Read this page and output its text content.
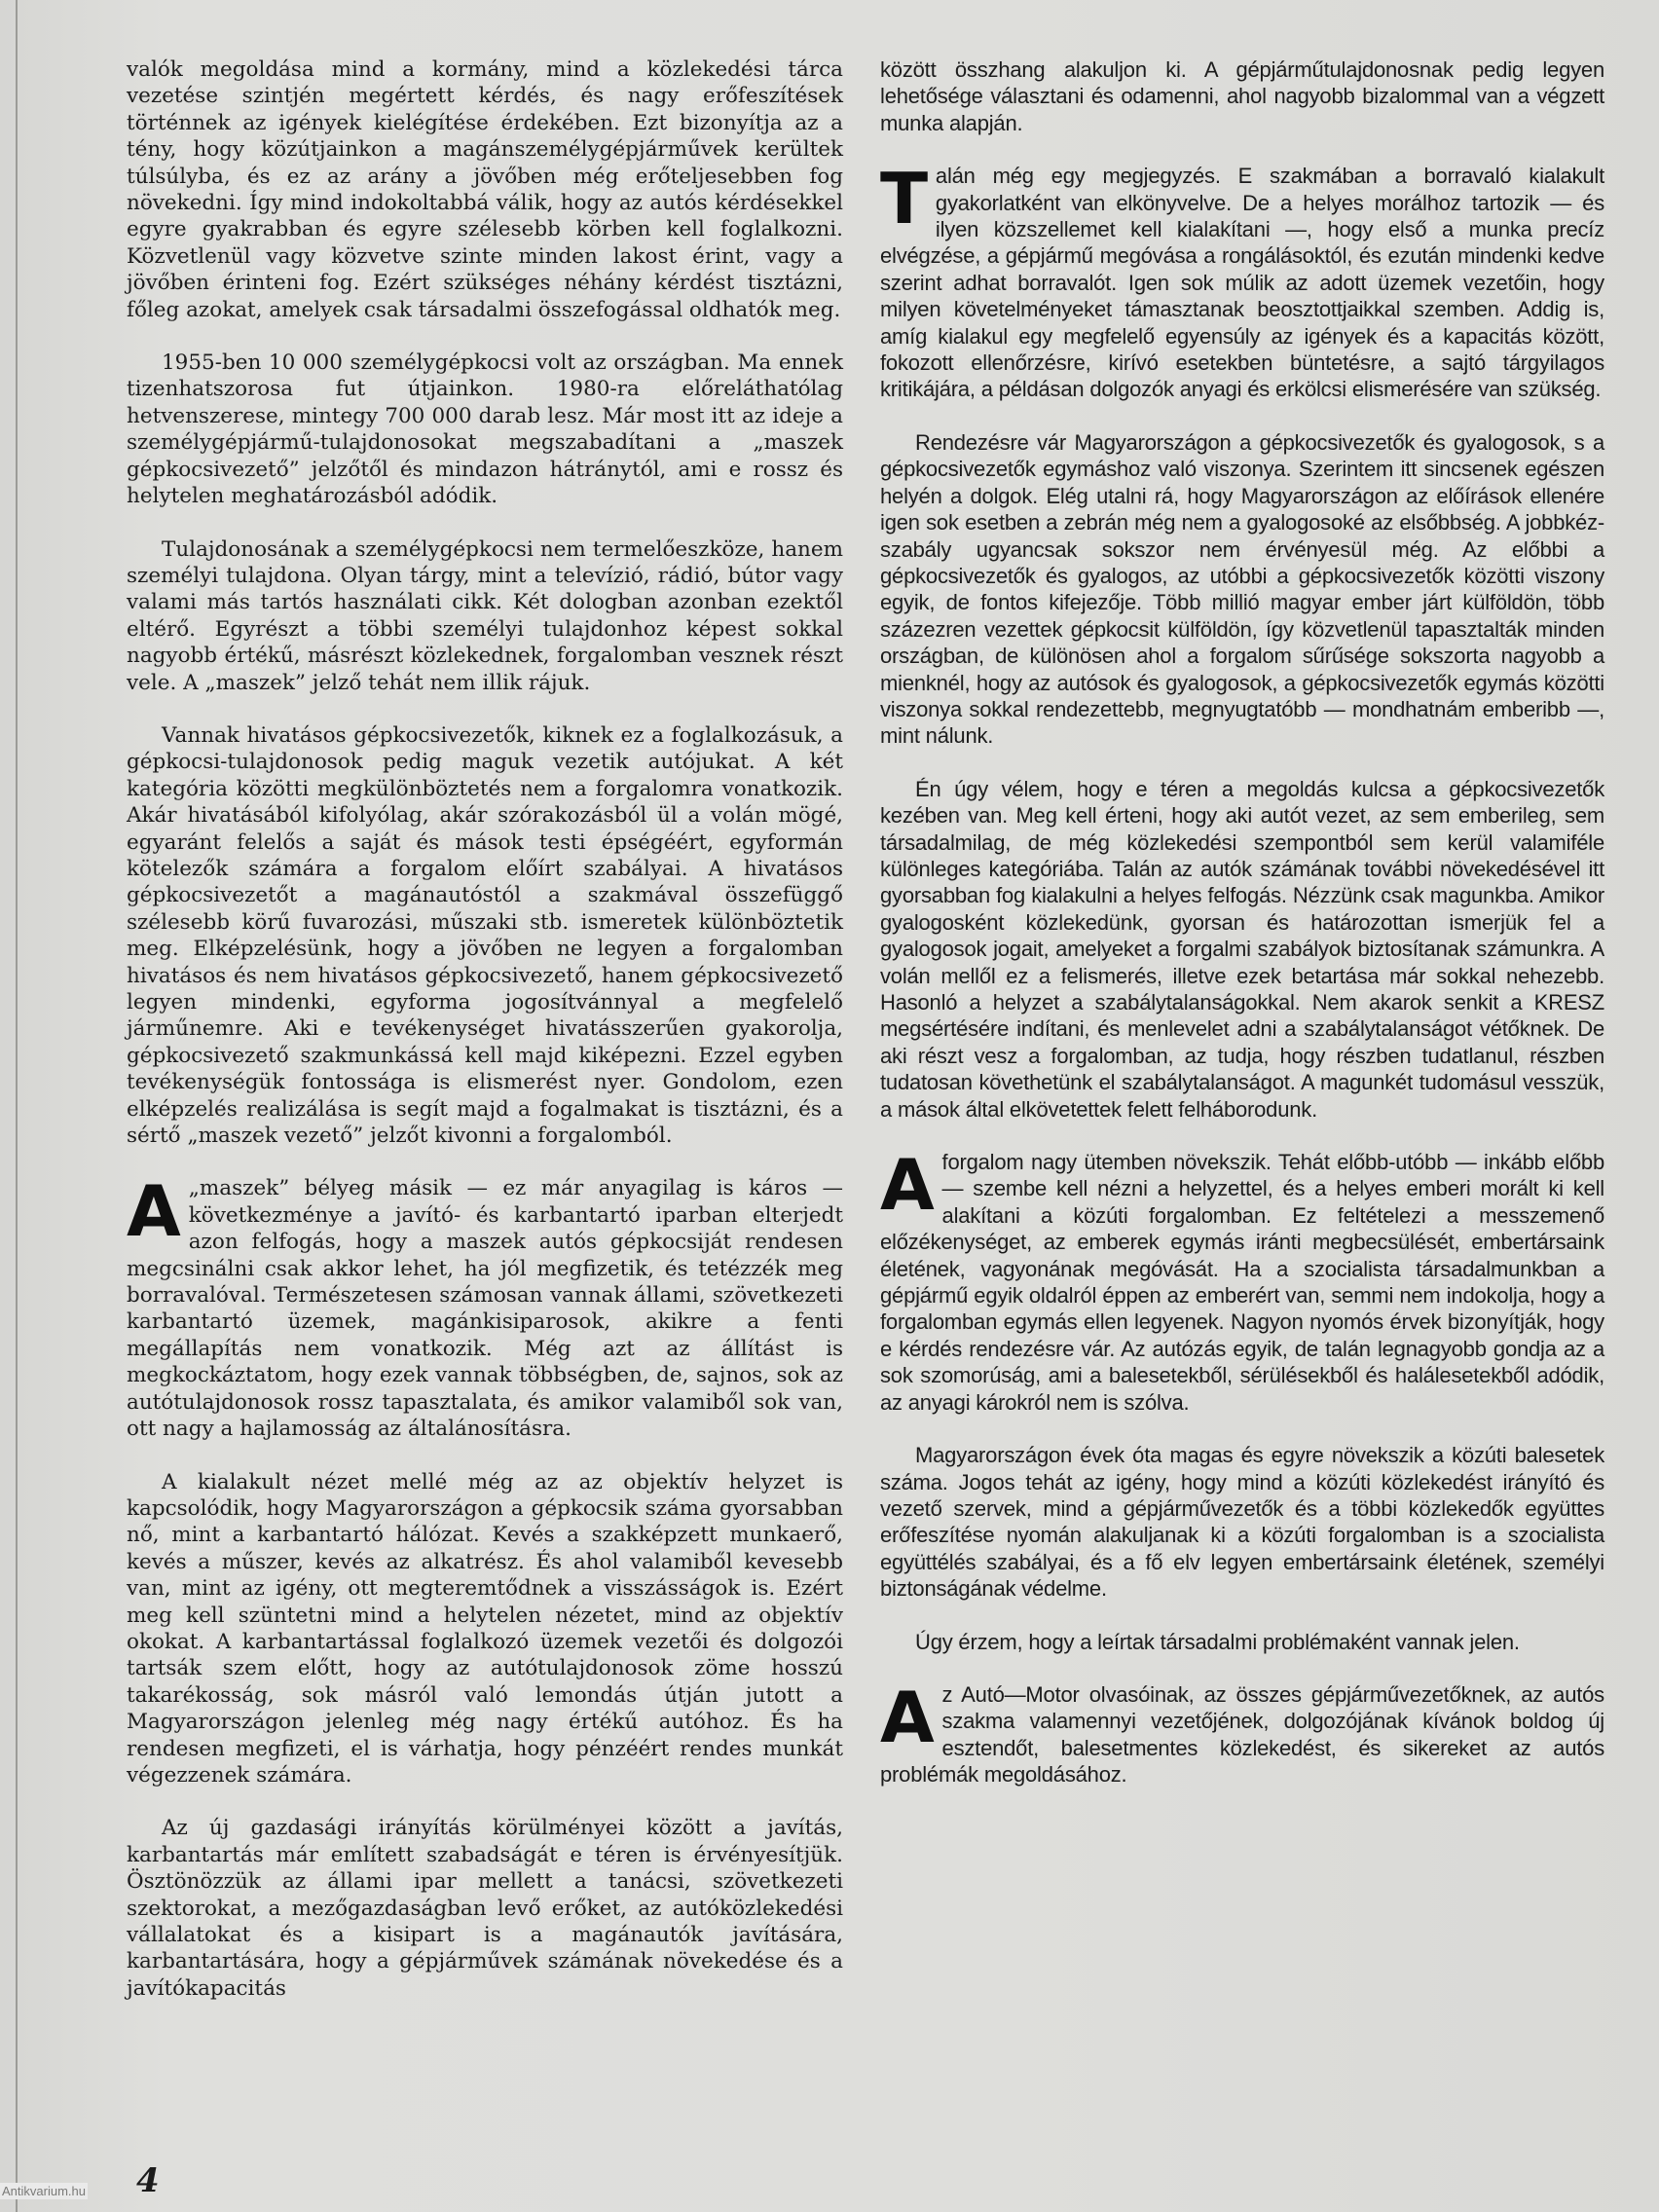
valók megoldása mind a kormány, mind a közlekedési tárca vezetése szintjén megértett kérdés, és nagy erőfeszítések történnek az igények kielégítése érdekében. Ezt bizonyítja az a tény, hogy közútjainkon a magánszemélygépjárművek kerültek túlsúlyba, és ez az arány a jövőben még erőteljesebben fog növekedni. Így mind indokoltabbá válik, hogy az autós kérdésekkel egyre gyakrabban és egyre szélesebb körben kell foglalkozni. Közvetlenül vagy közvetve szinte minden lakost érint, vagy a jövőben érinteni fog. Ezért szükséges néhány kérdést tisztázni, főleg azokat, amelyek csak társadalmi összefogással oldhatók meg.

1955-ben 10 000 személygépkocsi volt az országban. Ma ennek tizenhatszorosa fut útjainkon. 1980-ra előreláthatólag hetvenszerese, mintegy 700 000 darab lesz. Már most itt az ideje a személygépjármű-tulajdonosokat megszabadítani a „maszek gépkocsivezető” jelzőtől és mindazon hátránytól, ami e rossz és helytelen meghatározásból adódik.

Tulajdonosának a személygépkocsi nem termelőeszköze, hanem személyi tulajdona. Olyan tárgy, mint a televízió, rádió, bútor vagy valami más tartós használati cikk. Két dologban azonban ezektől eltérő. Egyrészt a többi személyi tulajdonhoz képest sokkal nagyobb értékű, másrészt közlekednek, forgalomban vesznek részt vele. A „maszek” jelző tehát nem illik rájuk.

Vannak hivatásos gépkocsivezetők, kiknek ez a foglalkozásuk, a gépkocsi-tulajdonosok pedig maguk vezetik autójukat. A két kategória közötti megkülönböztetés nem a forgalomra vonatkozik. Akár hivatásából kifolyólag, akár szórakozásból ül a volán mögé, egyaránt felelős a saját és mások testi épségéért, egyformán kötelezők számára a forgalom előírt szabályai. A hivatásos gépkocsivezetőt a magánautóstól a szakmával összefüggő szélesebb körű fuvarozási, műszaki stb. ismeretek különböztetik meg. Elképzelésünk, hogy a jövőben ne legyen a forgalomban hivatásos és nem hivatásos gépkocsivezető, hanem gépkocsivezető legyen mindenki, egyforma jogosítvánnyal a megfelelő járműnemre. Aki e tevékenységet hivatásszerűen gyakorolja, gépkocsivezető szakmunkássá kell majd kiképezni. Ezzel egyben tevékenységük fontossága is elismerést nyer. Gondolom, ezen elképzelés realizálása is segít majd a fogalmakat is tisztázni, és a sértő „maszek vezető” jelzőt kivonni a forgalomból.

A „maszek” bélyeg másik — ez már anyagilag is káros — következménye a javító- és karbantartó iparban elterjedt azon felfogás, hogy a maszek autós gépkocsiját rendesen megcsinálni csak akkor lehet, ha jól megfizetik, és tetézzék meg borravalóval. Természetesen számosan vannak állami, szövetkezeti karbantartó üzemek, magánkisiparosok, akikre a fenti megállapítás nem vonatkozik. Még azt az állítást is megkockáztatom, hogy ezek vannak többségben, de, sajnos, sok az autótulajdonosok rossz tapasztalata, és amikor valamiből sok van, ott nagy a hajlamosság az általánosításra.

A kialakult nézet mellé még az az objektív helyzet is kapcsolódik, hogy Magyarországon a gépkocsik száma gyorsabban nő, mint a karbantartó hálózat. Kevés a szakképzett munkaerő, kevés a műszer, kevés az alkatrész. És ahol valamiből kevesebb van, mint az igény, ott megteremtődnek a visszásságok is. Ezért meg kell szüntetni mind a helytelen nézetet, mind az objektív okokat. A karbantartással foglalkozó üzemek vezetői és dolgozói tartsák szem előtt, hogy az autótulajdonosok zöme hosszú takarékosság, sok másról való lemondás útján jutott a Magyarországon jelenleg még nagy értékű autóhoz. És ha rendesen megfizeti, el is várhatja, hogy pénzéért rendes munkát végezzenek számára.

Az új gazdasági irányítás körülményei között a javítás, karbantartás már említett szabadságát e téren is érvényesítjük. Ösztönözzük az állami ipar mellett a tanácsi, szövetkezeti szektorokat, a mezőgazdaságban levő erőket, az autóközlekedési vállalatokat és a kisipart is a magánautók javítására, karbantartására, hogy a gépjárművek számának növekedése és a javítókapacitás

között összhang alakuljon ki. A gépjárműtulajdonosnak pedig legyen lehetősége választani és odamenni, ahol nagyobb bizalommal van a végzett munka alapján.

Talán még egy megjegyzés. E szakmában a borravaló kialakult gyakorlatként van elkönyvelve. De a helyes morálhoz tartozik — és ilyen közszellemet kell kialakítani —, hogy első a munka precíz elvégzése, a gépjármű megóvása a rongálásoktól, és ezután mindenki kedve szerint adhat borravalót. Igen sok múlik az adott üzemek vezetőin, hogy milyen követelményeket támasztanak beosztottjaikkal szemben. Addig is, amíg kialakul egy megfelelő egyensúly az igények és a kapacitás között, fokozott ellenőrzésre, kirívó esetekben büntetésre, a sajtó tárgyilagos kritikájára, a példásan dolgozók anyagi és erkölcsi elismerésére van szükség.

Rendezésre vár Magyarországon a gépkocsivezetők és gyalogosok, s a gépkocsivezetők egymáshoz való viszonya. Szerintem itt sincsenek egészen helyén a dolgok. Elég utalni rá, hogy Magyarországon az előírások ellenére igen sok esetben a zebrán még nem a gyalogosoké az elsőbbség. A jobbkéz-szabály ugyancsak sokszor nem érvényesül még. Az előbbi a gépkocsivezetők és gyalogos, az utóbbi a gépkocsivezetők közötti viszony egyik, de fontos kifejezője. Több millió magyar ember járt külföldön, több százezren vezettek gépkocsit külföldön, így közvetlenül tapasztalták minden országban, de különösen ahol a forgalom sűrűsége sokszorta nagyobb a mienknél, hogy az autósok és gyalogosok, a gépkocsivezetők egymás közötti viszonya sokkal rendezettebb, megnyugtatóbb — mondhatnám emberibb —, mint nálunk.

Én úgy vélem, hogy e téren a megoldás kulcsa a gépkocsivezetők kezében van. Meg kell érteni, hogy aki autót vezet, az sem emberileg, sem társadalmilag, de még közlekedési szempontból sem kerül valamiféle különleges kategóriába. Talán az autók számának további növekedésével itt gyorsabban fog kialakulni a helyes felfogás. Nézzünk csak magunkba. Amikor gyalogosként közlekedünk, gyorsan és határozottan ismerjük fel a gyalogosok jogait, amelyeket a forgalmi szabályok biztosítanak számunkra. A volán mellől ez a felismerés, illetve ezek betartása már sokkal nehezebb. Hasonló a helyzet a szabálytalanságokkal. Nem akarok senkit a KRESZ megsértésére indítani, és menlevelet adni a szabálytalanságot vétőknek. De aki részt vesz a forgalomban, az tudja, hogy részben tudatlanul, részben tudatosan követhetünk el szabálytalanságot. A magunkét tudomásul vesszük, a mások által elkövetettek felett felháborodunk.

Aforgalom nagy ütemben növekszik. Tehát előbb-utóbb — inkább előbb — szembe kell nézni a helyzettel, és a helyes emberi morált ki kell alakítani a közúti forgalomban. Ez feltételezi a messzemenő előzékenységet, az emberek egymás iránti megbecsülését, embertársaink életének, vagyonának megóvását. Ha a szocialista társadalmunkban a gépjármű egyik oldalról éppen az emberért van, semmi nem indokolja, hogy a forgalomban egymás ellen legyenek. Nagyon nyomós érvek bizonyítják, hogy e kérdés rendezésre vár. Az autózás egyik, de talán legnagyobb gondja az a sok szomorúság, ami a balesetekből, sérülésekből és halálesetekből adódik, az anyagi károkról nem is szólva.

Magyarországon évek óta magas és egyre növekszik a közúti balesetek száma. Jogos tehát az igény, hogy mind a közúti közlekedést irányító és vezető szervek, mind a gépjárművezetők és a többi közlekedők együttes erőfeszítése nyomán alakuljanak ki a közúti forgalomban is a szocialista együttélés szabályai, és a fő elv legyen embertársaink életének, személyi biztonságának védelme.

Úgy érzem, hogy a leírtak társadalmi problémaként vannak jelen.

Az Autó—Motor olvasóinak, az összes gépjárművezetőknek, az autós szakma valamennyi vezetőjének, dolgozójának kívánok boldog új esztendőt, balesetmentes közlekedést, és sikereket az autós problémák megoldásához.

4
Antikvarium.hu
